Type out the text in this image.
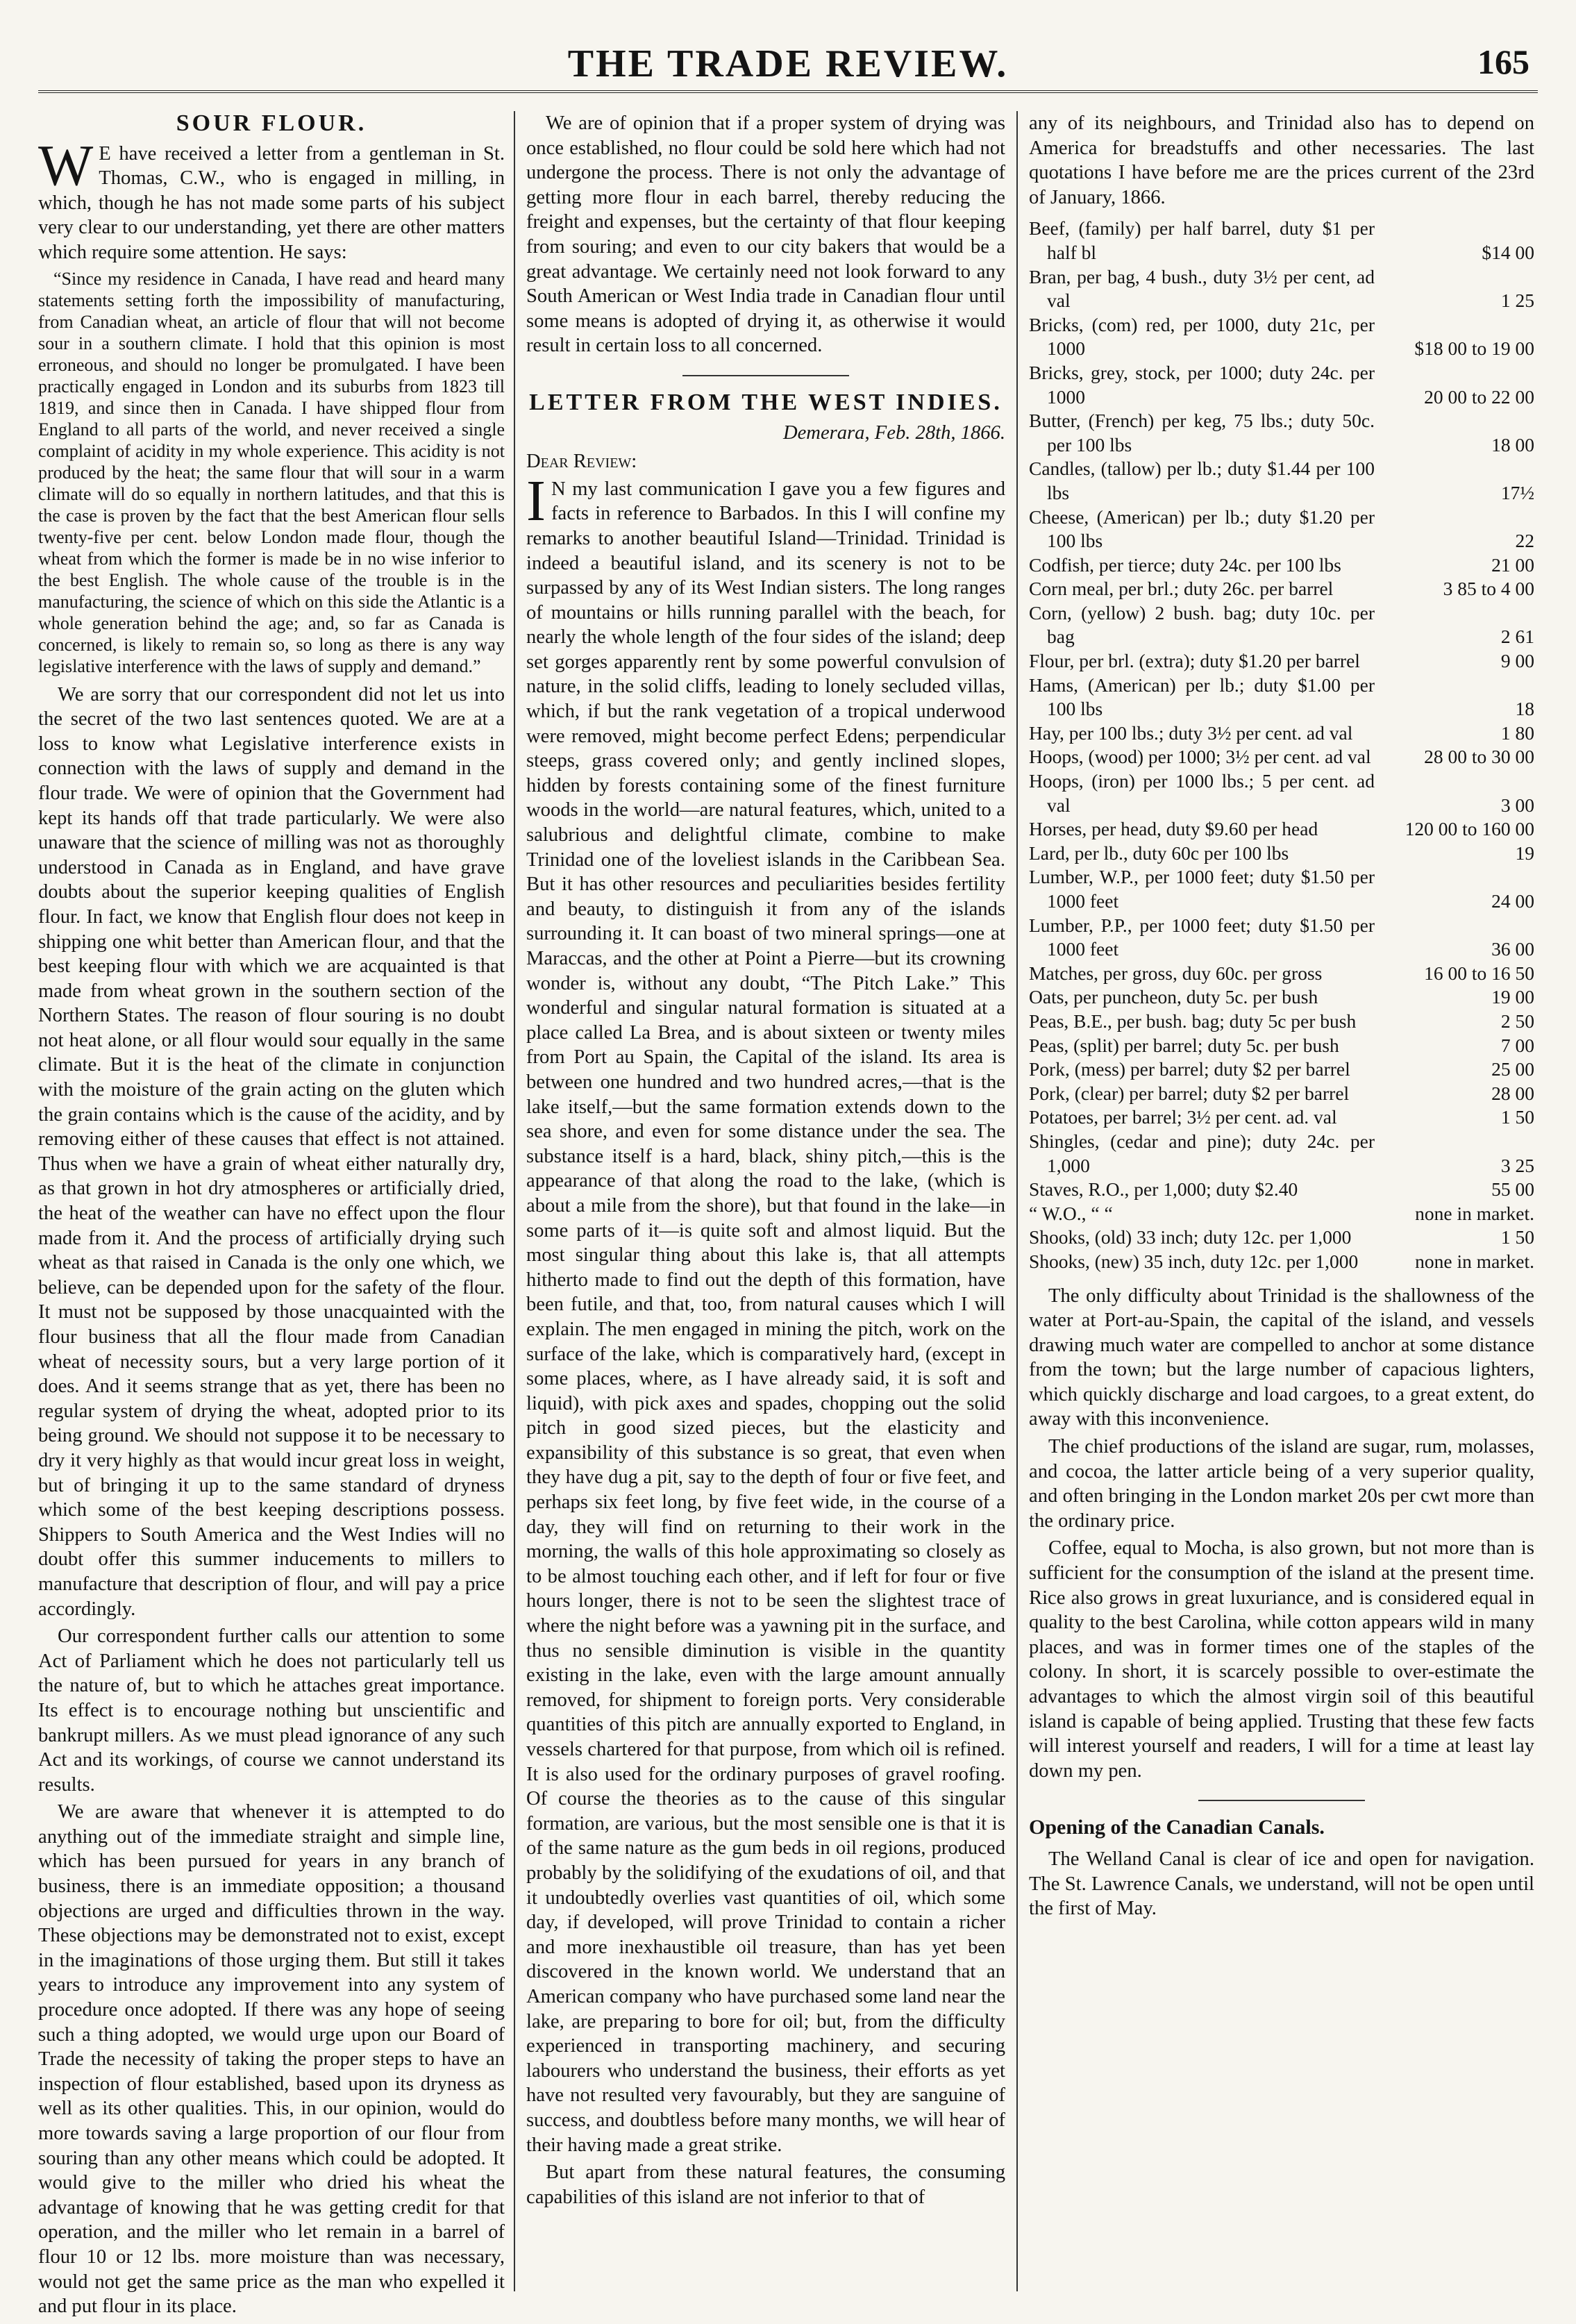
THE TRADE REVIEW.	165
SOUR FLOUR.

WE have received a letter from a gentleman in St. Thomas, C.W., who is engaged in milling, in which, though he has not made some parts of his subject very clear to our understanding, yet there are other matters which require some attention. He says:

“Since my residence in Canada, I have read and heard many statements setting forth the impossibility of manufacturing, from Canadian wheat, an article of flour that will not become sour in a southern climate. I hold that this opinion is most erroneous, and should no longer be promulgated. I have been practically engaged in London and its suburbs from 1823 till 1819, and since then in Canada. I have shipped flour from England to all parts of the world, and never received a single complaint of acidity in my whole experience. This acidity is not produced by the heat; the same flour that will sour in a warm climate will do so equally in northern latitudes, and that this is the case is proven by the fact that the best American flour sells twenty-five per cent. below London made flour, though the wheat from which the former is made be in no wise inferior to the best English. The whole cause of the trouble is in the manufacturing, the science of which on this side the Atlantic is a whole generation behind the age; and, so far as Canada is concerned, is likely to remain so, so long as there is any way legislative interference with the laws of supply and demand.”

We are sorry that our correspondent did not let us into the secret of the two last sentences quoted. We are at a loss to know what Legislative interference exists in connection with the laws of supply and demand in the flour trade. We were of opinion that the Government had kept its hands off that trade particularly. We were also unaware that the science of milling was not as thoroughly understood in Canada as in England, and have grave doubts about the superior keeping qualities of English flour. In fact, we know that English flour does not keep in shipping one whit better than American flour, and that the best keeping flour with which we are acquainted is that made from wheat grown in the southern section of the Northern States. The reason of flour souring is no doubt not heat alone, or all flour would sour equally in the same climate. But it is the heat of the climate in conjunction with the moisture of the grain acting on the gluten which the grain contains which is the cause of the acidity, and by removing either of these causes that effect is not attained. Thus when we have a grain of wheat either naturally dry, as that grown in hot dry atmospheres or artificially dried, the heat of the weather can have no effect upon the flour made from it. And the process of artificially drying such wheat as that raised in Canada is the only one which, we believe, can be depended upon for the safety of the flour. It must not be supposed by those unacquainted with the flour business that all the flour made from Canadian wheat of necessity sours, but a very large portion of it does. And it seems strange that as yet, there has been no regular system of drying the wheat, adopted prior to its being ground. We should not suppose it to be necessary to dry it very highly as that would incur great loss in weight, but of bringing it up to the same standard of dryness which some of the best keeping descriptions possess. Shippers to South America and the West Indies will no doubt offer this summer inducements to millers to manufacture that description of flour, and will pay a price accordingly.

Our correspondent further calls our attention to some Act of Parliament which he does not particularly tell us the nature of, but to which he attaches great importance. Its effect is to encourage nothing but unscientific and bankrupt millers. As we must plead ignorance of any such Act and its workings, of course we cannot understand its results.

We are aware that whenever it is attempted to do anything out of the immediate straight and simple line, which has been pursued for years in any branch of business, there is an immediate opposition; a thousand objections are urged and difficulties thrown in the way. These objections may be demonstrated not to exist, except in the imaginations of those urging them. But still it takes years to introduce any improvement into any system of procedure once adopted. If there was any hope of seeing such a thing adopted, we would urge upon our Board of Trade the necessity of taking the proper steps to have an inspection of flour established, based upon its dryness as well as its other qualities. This, in our opinion, would do more towards saving a large proportion of our flour from souring than any other means which could be adopted. It would give to the miller who dried his wheat the advantage of knowing that he was getting credit for that operation, and the miller who let remain in a barrel of flour 10 or 12 lbs. more moisture than was necessary, would not get the same price as the man who expelled it and put flour in its place.

We are of opinion that if a proper system of drying was once established, no flour could be sold here which had not undergone the process. There is not only the advantage of getting more flour in each barrel, thereby reducing the freight and expenses, but the certainty of that flour keeping from souring; and even to our city bakers that would be a great advantage. We certainly need not look forward to any South American or West India trade in Canadian flour until some means is adopted of drying it, as otherwise it would result in certain loss to all concerned.

LETTER FROM THE WEST INDIES.

Demerara, Feb. 28th, 1866.

Dear Review:

IN my last communication I gave you a few figures and facts in reference to Barbados. In this I will confine my remarks to another beautiful Island—Trinidad. Trinidad is indeed a beautiful island, and its scenery is not to be surpassed by any of its West Indian sisters. The long ranges of mountains or hills running parallel with the beach, for nearly the whole length of the four sides of the island; deep set gorges apparently rent by some powerful convulsion of nature, in the solid cliffs, leading to lonely secluded villas, which, if but the rank vegetation of a tropical underwood were removed, might become perfect Edens; perpendicular steeps, grass covered only; and gently inclined slopes, hidden by forests containing some of the finest furniture woods in the world—are natural features, which, united to a salubrious and delightful climate, combine to make Trinidad one of the loveliest islands in the Caribbean Sea. But it has other resources and peculiarities besides fertility and beauty, to distinguish it from any of the islands surrounding it. It can boast of two mineral springs—one at Maraccas, and the other at Point a Pierre—but its crowning wonder is, without any doubt, “The Pitch Lake.” This wonderful and singular natural formation is situated at a place called La Brea, and is about sixteen or twenty miles from Port au Spain, the Capital of the island. Its area is between one hundred and two hundred acres,—that is the lake itself,—but the same formation extends down to the sea shore, and even for some distance under the sea. The substance itself is a hard, black, shiny pitch,—this is the appearance of that along the road to the lake, (which is about a mile from the shore), but that found in the lake—in some parts of it—is quite soft and almost liquid. But the most singular thing about this lake is, that all attempts hitherto made to find out the depth of this formation, have been futile, and that, too, from natural causes which I will explain. The men engaged in mining the pitch, work on the surface of the lake, which is comparatively hard, (except in some places, where, as I have already said, it is soft and liquid), with pick axes and spades, chopping out the solid pitch in good sized pieces, but the elasticity and expansibility of this substance is so great, that even when they have dug a pit, say to the depth of four or five feet, and perhaps six feet long, by five feet wide, in the course of a day, they will find on returning to their work in the morning, the walls of this hole approximating so closely as to be almost touching each other, and if left for four or five hours longer, there is not to be seen the slightest trace of where the night before was a yawning pit in the surface, and thus no sensible diminution is visible in the quantity existing in the lake, even with the large amount annually removed, for shipment to foreign ports. Very considerable quantities of this pitch are annually exported to England, in vessels chartered for that purpose, from which oil is refined. It is also used for the ordinary purposes of gravel roofing. Of course the theories as to the cause of this singular formation, are various, but the most sensible one is that it is of the same nature as the gum beds in oil regions, produced probably by the solidifying of the exudations of oil, and that it undoubtedly overlies vast quantities of oil, which some day, if developed, will prove Trinidad to contain a richer and more inexhaustible oil treasure, than has yet been discovered in the known world. We understand that an American company who have purchased some land near the lake, are preparing to bore for oil; but, from the difficulty experienced in transporting machinery, and securing labourers who understand the business, their efforts as yet have not resulted very favourably, but they are sanguine of success, and doubtless before many months, we will hear of their having made a great strike.

But apart from these natural features, the consuming capabilities of this island are not inferior to that of

any of its neighbours, and Trinidad also has to depend on America for breadstuffs and other necessaries. The last quotations I have before me are the prices current of the 23rd of January, 1866.

Beef, (family) per half barrel, duty $1 per half bl	$14 00
Bran, per bag, 4 bush., duty 3½ per cent, ad val	1 25
Bricks, (com) red, per 1000, duty 21c, per 1000	$18 00 to 19 00
Bricks, grey, stock, per 1000; duty 24c. per 1000	20 00 to 22 00
Butter, (French) per keg, 75 lbs.; duty 50c. per 100 lbs	18 00
Candles, (tallow) per lb.; duty $1.44 per 100 lbs	17½
Cheese, (American) per lb.; duty $1.20 per 100 lbs	22
Codfish, per tierce; duty 24c. per 100 lbs	21 00
Corn meal, per brl.; duty 26c. per barrel	3 85 to 4 00
Corn, (yellow) 2 bush. bag; duty 10c. per bag	2 61
Flour, per brl. (extra); duty $1.20 per barrel	9 00
Hams, (American) per lb.; duty $1.00 per 100 lbs	18
Hay, per 100 lbs.; duty 3½ per cent. ad val	1 80
Hoops, (wood) per 1000; 3½ per cent. ad val	28 00 to 30 00
Hoops, (iron) per 1000 lbs.; 5 per cent. ad val	3 00
Horses, per head, duty $9.60 per head	120 00 to 160 00
Lard, per lb., duty 60c per 100 lbs	19
Lumber, W.P., per 1000 feet; duty $1.50 per 1000 feet	24 00
Lumber, P.P., per 1000 feet; duty $1.50 per 1000 feet	36 00
Matches, per gross, duy 60c. per gross	16 00 to 16 50
Oats, per puncheon, duty 5c. per bush	19 00
Peas, B.E., per bush. bag; duty 5c per bush	2 50
Peas, (split) per barrel; duty 5c. per bush	7 00
Pork, (mess) per barrel; duty $2 per barrel	25 00
Pork, (clear) per barrel; duty $2 per barrel	28 00
Potatoes, per barrel; 3½ per cent. ad. val	1 50
Shingles, (cedar and pine); duty 24c. per 1,000	3 25
Staves, R.O., per 1,000; duty $2.40	55 00
“ W.O., “ “	none in market.
Shooks, (old) 33 inch; duty 12c. per 1,000	1 50
Shooks, (new) 35 inch, duty 12c. per 1,000	none in market.

The only difficulty about Trinidad is the shallowness of the water at Port-au-Spain, the capital of the island, and vessels drawing much water are compelled to anchor at some distance from the town; but the large number of capacious lighters, which quickly discharge and load cargoes, to a great extent, do away with this inconvenience.

The chief productions of the island are sugar, rum, molasses, and cocoa, the latter article being of a very superior quality, and often bringing in the London market 20s per cwt more than the ordinary price.

Coffee, equal to Mocha, is also grown, but not more than is sufficient for the consumption of the island at the present time. Rice also grows in great luxuriance, and is considered equal in quality to the best Carolina, while cotton appears wild in many places, and was in former times one of the staples of the colony. In short, it is scarcely possible to over-estimate the advantages to which the almost virgin soil of this beautiful island is capable of being applied. Trusting that these few facts will interest yourself and readers, I will for a time at least lay down my pen.

Opening of the Canadian Canals.

The Welland Canal is clear of ice and open for navigation. The St. Lawrence Canals, we understand, will not be open until the first of May.
